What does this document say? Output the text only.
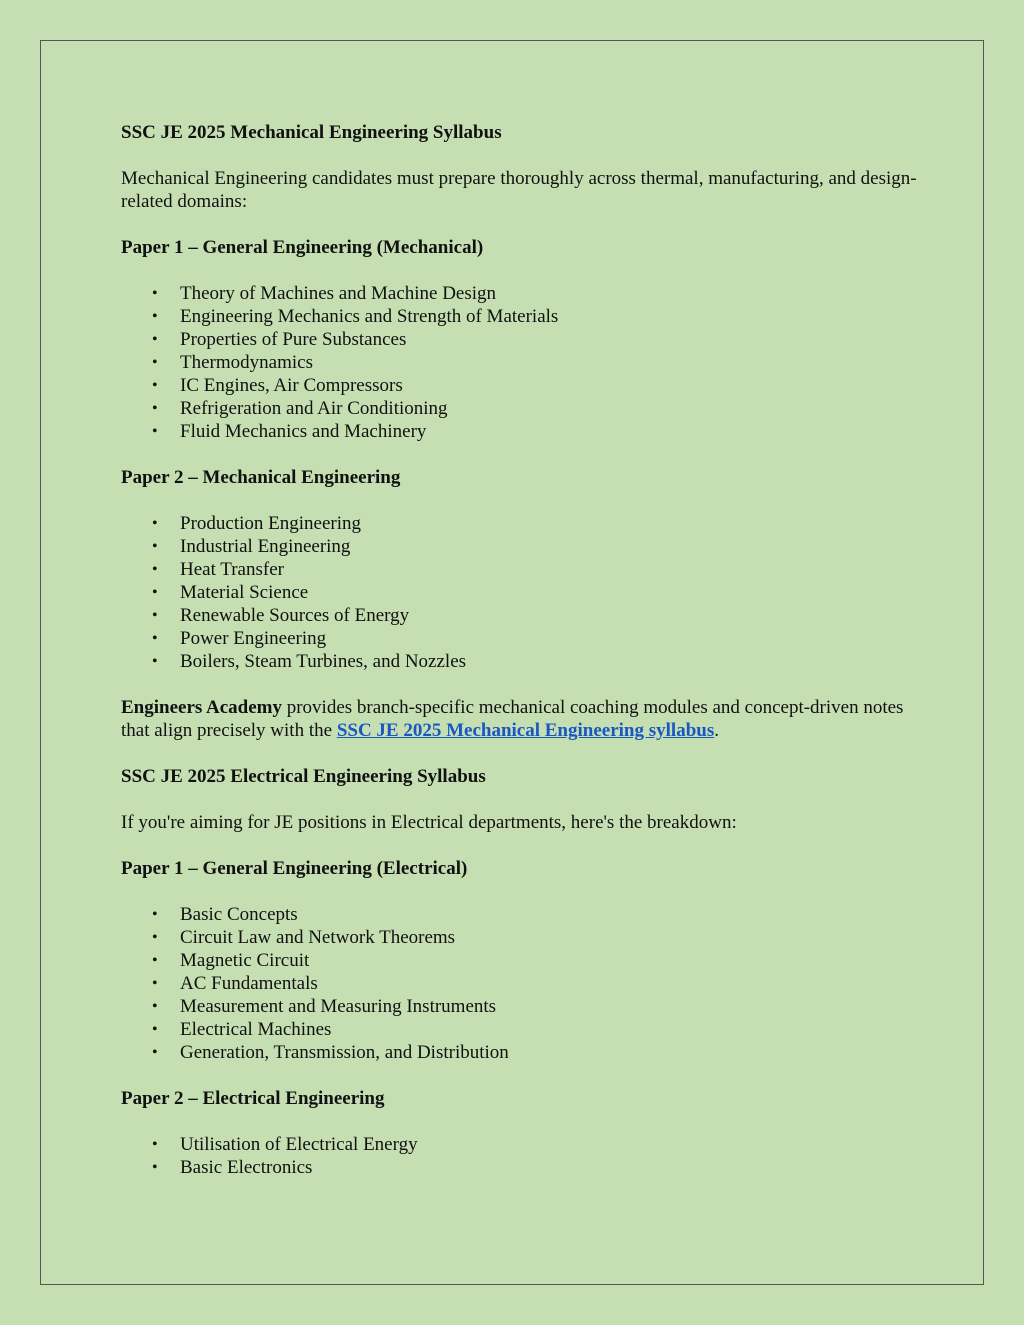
SSC JE 2025 Mechanical Engineering Syllabus
Mechanical Engineering candidates must prepare thoroughly across thermal, manufacturing, and design-related domains:
Paper 1 – General Engineering (Mechanical)
• Theory of Machines and Machine Design
• Engineering Mechanics and Strength of Materials
• Properties of Pure Substances
• Thermodynamics
• IC Engines, Air Compressors
• Refrigeration and Air Conditioning
• Fluid Mechanics and Machinery
Paper 2 – Mechanical Engineering
• Production Engineering
• Industrial Engineering
• Heat Transfer
• Material Science
• Renewable Sources of Energy
• Power Engineering
• Boilers, Steam Turbines, and Nozzles
Engineers Academy provides branch-specific mechanical coaching modules and concept-driven notes that align precisely with the SSC JE 2025 Mechanical Engineering syllabus.
SSC JE 2025 Electrical Engineering Syllabus
If you're aiming for JE positions in Electrical departments, here's the breakdown:
Paper 1 – General Engineering (Electrical)
• Basic Concepts
• Circuit Law and Network Theorems
• Magnetic Circuit
• AC Fundamentals
• Measurement and Measuring Instruments
• Electrical Machines
• Generation, Transmission, and Distribution
Paper 2 – Electrical Engineering
• Utilisation of Electrical Energy
• Basic Electronics
